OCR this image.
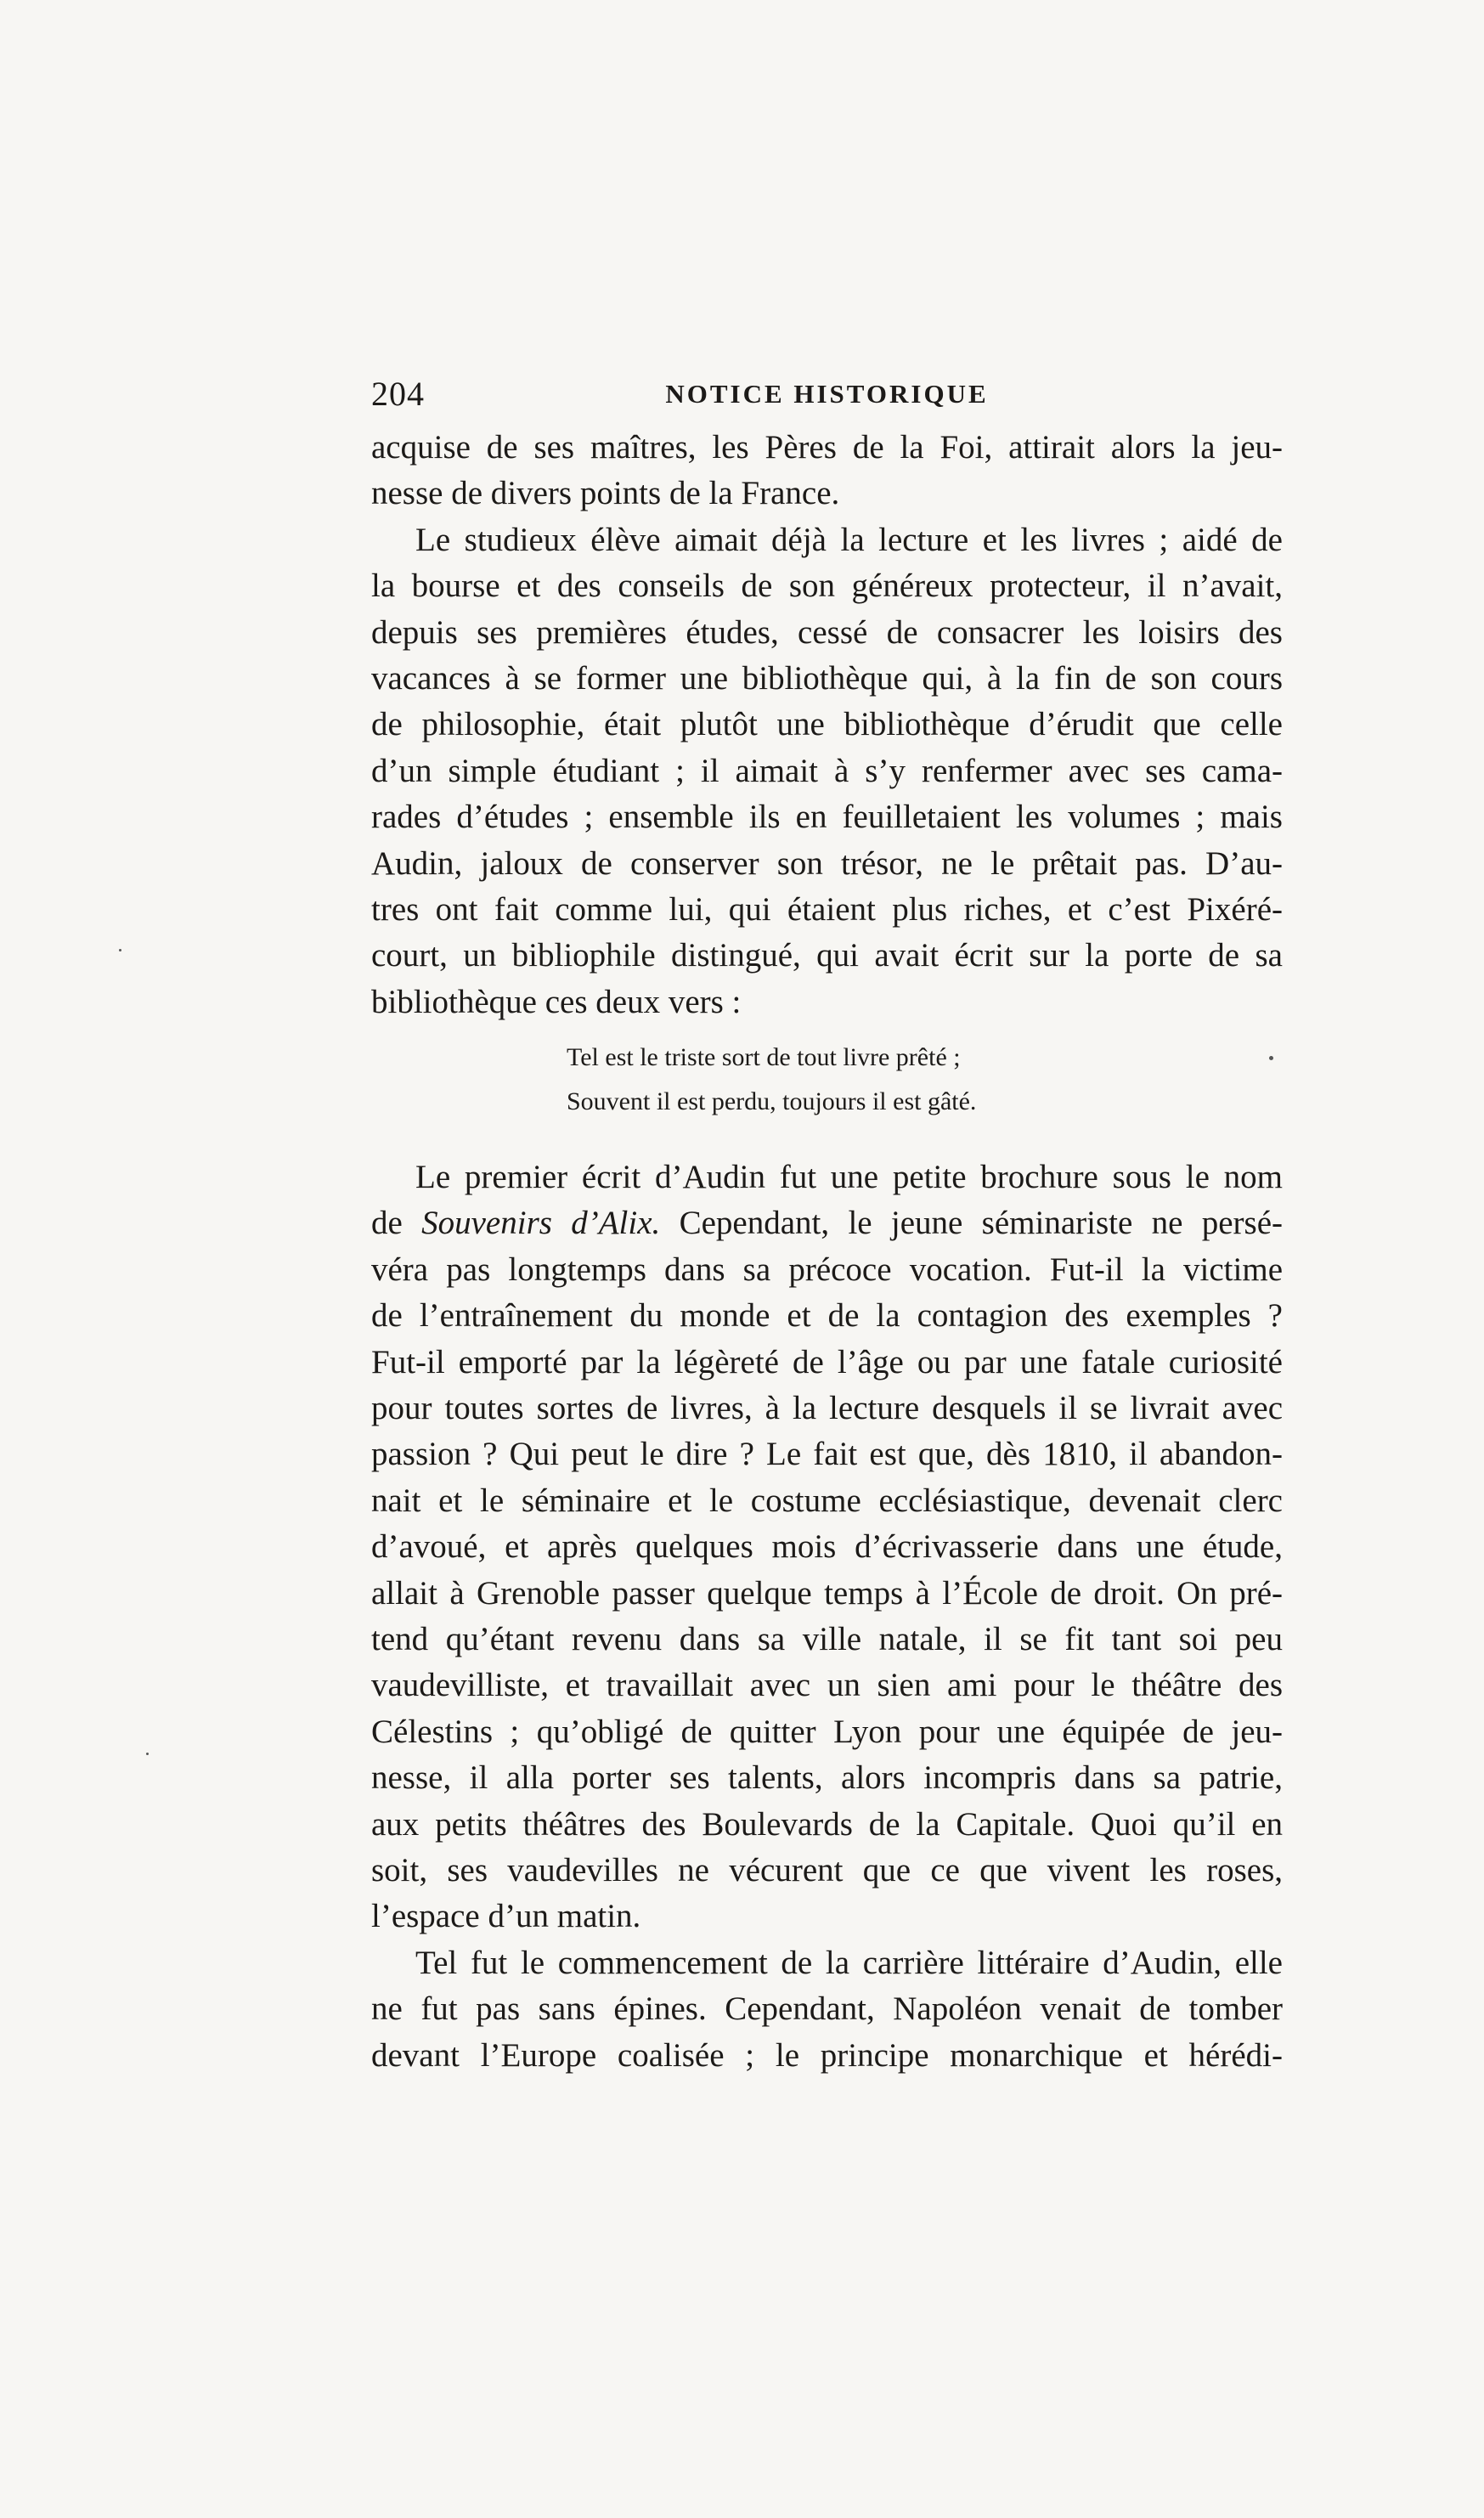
204	NOTICE HISTORIQUE
acquise de ses maîtres, les Pères de la Foi, attirait alors la jeu-
nesse de divers points de la France.
Le studieux élève aimait déjà la lecture et les livres ; aidé de
la bourse et des conseils de son généreux protecteur, il n’avait,
depuis ses premières études, cessé de consacrer les loisirs des
vacances à se former une bibliothèque qui, à la fin de son cours
de philosophie, était plutôt une bibliothèque d’érudit que celle
d’un simple étudiant ; il aimait à s’y renfermer avec ses cama-
rades d’études ; ensemble ils en feuilletaient les volumes ; mais
Audin, jaloux de conserver son trésor, ne le prêtait pas. D’au-
tres ont fait comme lui, qui étaient plus riches, et c’est Pixéré-
court, un bibliophile distingué, qui avait écrit sur la porte de sa
bibliothèque ces deux vers :
Tel est le triste sort de tout livre prêté ;
Souvent il est perdu, toujours il est gâté.
Le premier écrit d’Audin fut une petite brochure sous le nom
de Souvenirs d’Alix. Cependant, le jeune séminariste ne persé-
véra pas longtemps dans sa précoce vocation. Fut-il la victime
de l’entraînement du monde et de la contagion des exemples ?
Fut-il emporté par la légèreté de l’âge ou par une fatale curiosité
pour toutes sortes de livres, à la lecture desquels il se livrait avec
passion ? Qui peut le dire ? Le fait est que, dès 1810, il abandon-
nait et le séminaire et le costume ecclésiastique, devenait clerc
d’avoué, et après quelques mois d’écrivasserie dans une étude,
allait à Grenoble passer quelque temps à l’École de droit. On pré-
tend qu’étant revenu dans sa ville natale, il se fit tant soi peu
vaudevilliste, et travaillait avec un sien ami pour le théâtre des
Célestins ; qu’obligé de quitter Lyon pour une équipée de jeu-
nesse, il alla porter ses talents, alors incompris dans sa patrie,
aux petits théâtres des Boulevards de la Capitale. Quoi qu’il en
soit, ses vaudevilles ne vécurent que ce que vivent les roses,
l’espace d’un matin.
Tel fut le commencement de la carrière littéraire d’Audin, elle
ne fut pas sans épines. Cependant, Napoléon venait de tomber
devant l’Europe coalisée ; le principe monarchique et hérédi-
